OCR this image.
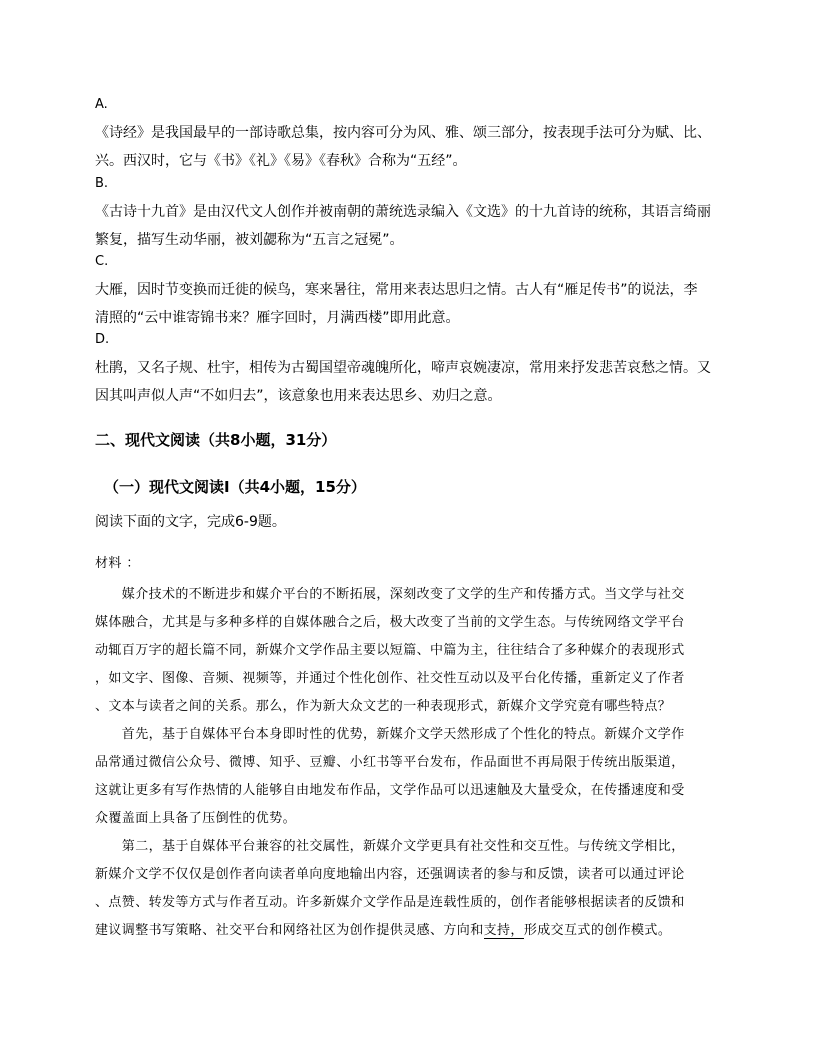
A.
《诗经》是我国最早的一部诗歌总集，按内容可分为风、雅、颂三部分，按表现手法可分为赋、比、
兴。西汉时，它与《书》《礼》《易》《春秋》合称为“五经”。
B.
《古诗十九首》是由汉代文人创作并被南朝的萧统选录编入《文选》的十九首诗的统称，其语言绮丽
繁复，描写生动华丽，被刘勰称为“五言之冠冕”。
C.
大雁，因时节变换而迁徙的候鸟，寒来暑往，常用来表达思归之情。古人有“雁足传书”的说法，李
清照的“云中谁寄锦书来？雁字回时，月满西楼”即用此意。
D.
杜鹃，又名子规、杜宇，相传为古蜀国望帝魂魄所化，啼声哀婉凄凉，常用来抒发悲苦哀愁之情。又
因其叫声似人声“不如归去”，该意象也用来表达思乡、劝归之意。
二、现代文阅读（共8小题，31分）
（一）现代文阅读Ⅰ（共4小题，15分）
阅读下面的文字，完成6-9题。
材料 ：
　　媒介技术的不断进步和媒介平台的不断拓展，深刻改变了文学的生产和传播方式。当文学与社交
媒体融合，尤其是与多种多样的自媒体融合之后，极大改变了当前的文学生态。与传统网络文学平台
动辄百万字的超长篇不同，新媒介文学作品主要以短篇、中篇为主，往往结合了多种媒介的表现形式
，如文字、图像、音频、视频等，并通过个性化创作、社交性互动以及平台化传播，重新定义了作者
、文本与读者之间的关系。那么，作为新大众文艺的一种表现形式，新媒介文学究竟有哪些特点？
　　首先，基于自媒体平台本身即时性的优势，新媒介文学天然形成了个性化的特点。新媒介文学作
品常通过微信公众号、微博、知乎、豆瓣、小红书等平台发布，作品面世不再局限于传统出版渠道，
这就让更多有写作热情的人能够自由地发布作品，文学作品可以迅速触及大量受众，在传播速度和受
众覆盖面上具备了压倒性的优势。
　　第二，基于自媒体平台兼容的社交属性，新媒介文学更具有社交性和交互性。与传统文学相比，
新媒介文学不仅仅是创作者向读者单向度地输出内容，还强调读者的参与和反馈，读者可以通过评论
、点赞、转发等方式与作者互动。许多新媒介文学作品是连载性质的，创作者能够根据读者的反馈和
建议调整书写策略、社交平台和网络社区为创作提供灵感、方向和支持，形成交互式的创作模式。
